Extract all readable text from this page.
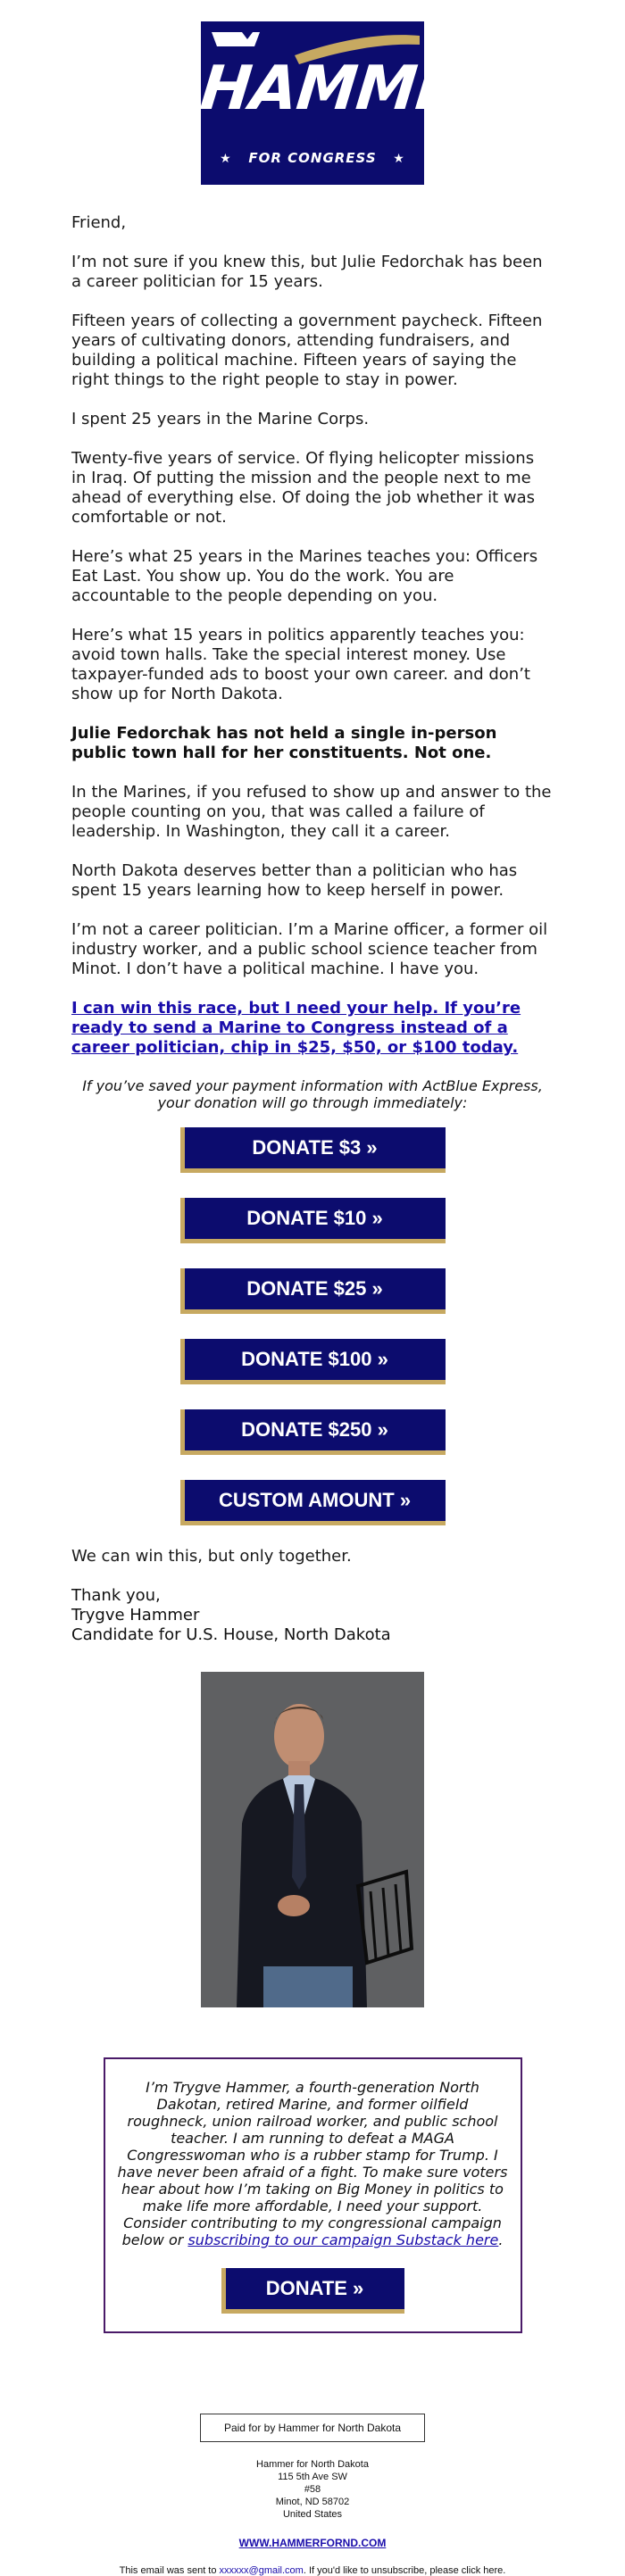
HAMMER
★ FOR CONGRESS ★

Friend,

I’m not sure if you knew this, but Julie Fedorchak has been a career politician for 15 years.

Fifteen years of collecting a government paycheck. Fifteen years of cultivating donors, attending fundraisers, and building a political machine. Fifteen years of saying the right things to the right people to stay in power.

I spent 25 years in the Marine Corps.

Twenty-five years of service. Of flying helicopter missions in Iraq. Of putting the mission and the people next to me ahead of everything else. Of doing the job whether it was comfortable or not.

Here’s what 25 years in the Marines teaches you: Officers Eat Last. You show up. You do the work. You are accountable to the people depending on you.

Here’s what 15 years in politics apparently teaches you: avoid town halls. Take the special interest money. Use taxpayer-funded ads to boost your own career. and don’t show up for North Dakota.

Julie Fedorchak has not held a single in-person public town hall for her constituents. Not one.

In the Marines, if you refused to show up and answer to the people counting on you, that was called a failure of leadership. In Washington, they call it a career.

North Dakota deserves better than a politician who has spent 15 years learning how to keep herself in power.

I’m not a career politician. I’m a Marine officer, a former oil industry worker, and a public school science teacher from Minot. I don’t have a political machine. I have you.

I can win this race, but I need your help. If you’re ready to send a Marine to Congress instead of a career politician, chip in $25, $50, or $100 today.

If you’ve saved your payment information with ActBlue Express, your donation will go through immediately:

DONATE $3 »
DONATE $10 »
DONATE $25 »
DONATE $100 »
DONATE $250 »
CUSTOM AMOUNT »

We can win this, but only together.

Thank you,

Trygve Hammer

Candidate for U.S. House, North Dakota

I’m Trygve Hammer, a fourth-generation North Dakotan, retired Marine, and former oilfield roughneck, union railroad worker, and public school teacher. I am running to defeat a MAGA Congresswoman who is a rubber stamp for Trump. I have never been afraid of a fight. To make sure voters hear about how I’m taking on Big Money in politics to make life more affordable, I need your support. Consider contributing to my congressional campaign below or subscribing to our campaign Substack here.

DONATE »
Paid for by Hammer for North Dakota
Hammer for North Dakota
115 5th Ave SW
#58
Minot, ND 58702
United States
WWW.HAMMERFORND.COM
This email was sent to xxxxxx@gmail.com. If you'd like to unsubscribe, please click here.
